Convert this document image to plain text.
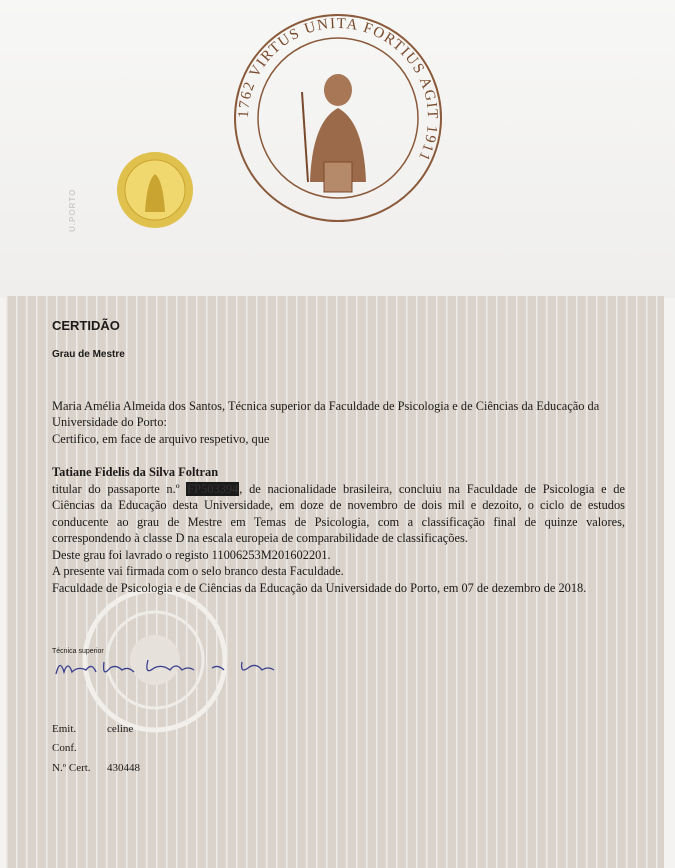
1762 VIRTUS UNITA FORTIUS AGIT 1911
U.PORTO
CERTIDÃO
Grau de Mestre
Maria Amélia Almeida dos Santos, Técnica superior da Faculdade de Psicologia e de Ciências da Educação da
Universidade do Porto:
Certifico, em face de arquivo respetivo, que
Tatiane Fidelis da Silva Foltran
titular do passaporte n.º FP503394, de nacionalidade brasileira, concluiu na Faculdade de Psicologia e de
Ciências da Educação desta Universidade, em doze de novembro de dois mil e dezoito, o ciclo de estudos
conducente ao grau de Mestre em Temas de Psicologia, com a classificação final de quinze valores,
correspondendo à classe D na escala europeia de comparabilidade de classificações.
Deste grau foi lavrado o registo 11006253M201602201.
A presente vai firmada com o selo branco desta Faculdade.
Faculdade de Psicologia e de Ciências da Educação da Universidade do Porto, em 07 de dezembro de 2018.
Técnica superior
Emit.	celine
Conf.
N.º Cert. 430448
